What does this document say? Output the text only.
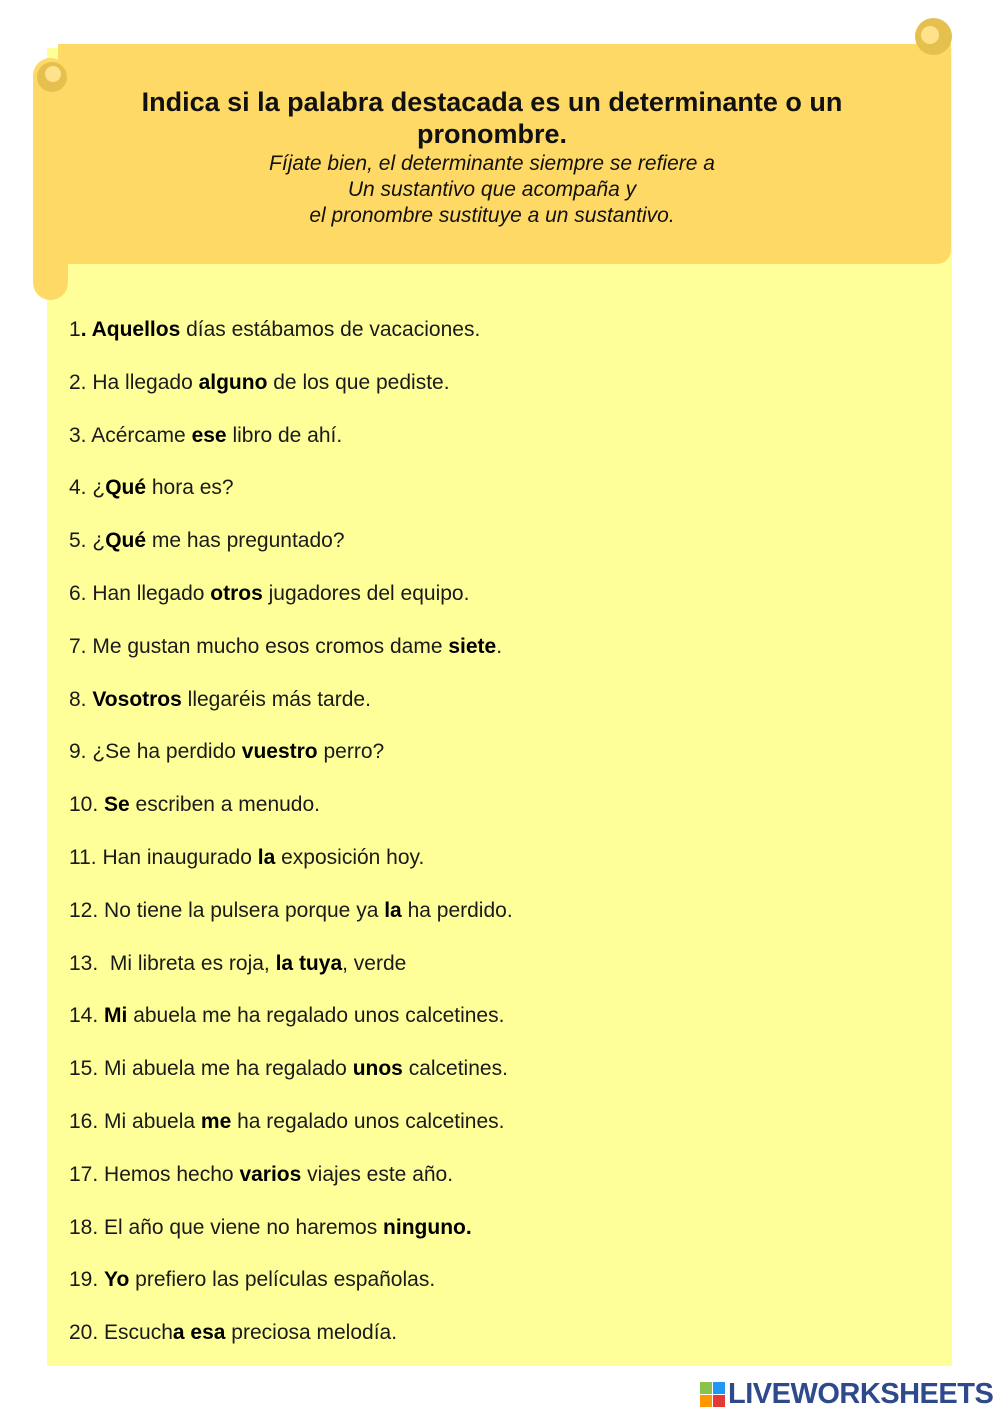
Indica si la palabra destacada es un determinante o un pronombre.
Fíjate bien, el determinante siempre se refiere a
Un sustantivo que acompaña y
el pronombre sustituye a un sustantivo.
1. Aquellos días estábamos de vacaciones.
2. Ha llegado alguno de los que pediste.
3. Acércame ese libro de ahí.
4. ¿Qué hora es?
5. ¿Qué me has preguntado?
6. Han llegado otros jugadores del equipo.
7. Me gustan mucho esos cromos dame siete.
8. Vosotros llegaréis más tarde.
9. ¿Se ha perdido vuestro perro?
10. Se escriben a menudo.
11. Han inaugurado la exposición hoy.
12. No tiene la pulsera porque ya la ha perdido.
13.  Mi libreta es roja, la tuya, verde
14. Mi abuela me ha regalado unos calcetines.
15. Mi abuela me ha regalado unos calcetines.
16. Mi abuela me ha regalado unos calcetines.
17. Hemos hecho varios viajes este año.
18. El año que viene no haremos ninguno.
19. Yo prefiero las películas españolas.
20. Escucha esa preciosa melodía.
LIVEWORKSHEETS
